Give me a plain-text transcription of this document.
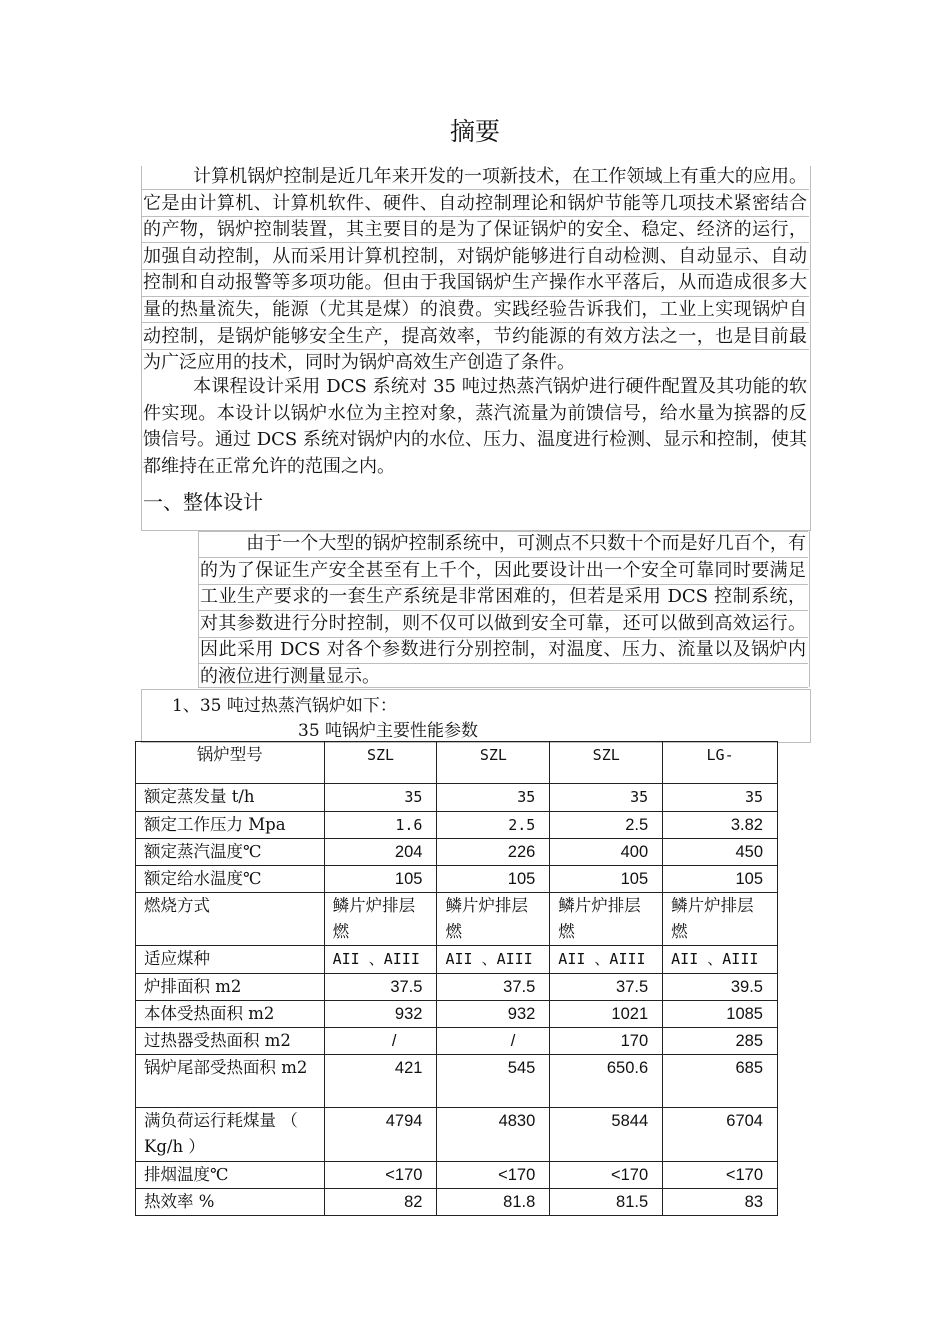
摘要
计算机锅炉控制是近几年来开发的一项新技术，在工作领域上有重大的应用。它是由计算机、计算机软件、硬件、自动控制理论和锅炉节能等几项技术紧密结合的产物，锅炉控制装置，其主要目的是为了保证锅炉的安全、稳定、经济的运行，加强自动控制，从而采用计算机控制，对锅炉能够进行自动检测、自动显示、自动控制和自动报警等多项功能。但由于我国锅炉生产操作水平落后，从而造成很多大量的热量流失，能源（尤其是煤）的浪费。实践经验告诉我们，工业上实现锅炉自动控制，是锅炉能够安全生产，提高效率，节约能源的有效方法之一，也是目前最为广泛应用的技术，同时为锅炉高效生产创造了条件。
本课程设计采用 DCS 系统对 35 吨过热蒸汽锅炉进行硬件配置及其功能的软件实现。本设计以锅炉水位为主控对象，蒸汽流量为前馈信号，给水量为摈器的反馈信号。通过 DCS 系统对锅炉内的水位、压力、温度进行检测、显示和控制，使其都维持在正常允许的范围之内。
一、整体设计
由于一个大型的锅炉控制系统中，可测点不只数十个而是好几百个，有的为了保证生产安全甚至有上千个，因此要设计出一个安全可靠同时要满足工业生产要求的一套生产系统是非常困难的，但若是采用 DCS 控制系统，对其参数进行分时控制，则不仅可以做到安全可靠，还可以做到高效运行。因此采用 DCS 对各个参数进行分别控制，对温度、压力、流量以及锅炉内的液位进行测量显示。
1、35 吨过热蒸汽锅炉如下：
35 吨锅炉主要性能参数
锅炉型号	SZL	SZL	SZL	LG-
额定蒸发量 t/h	35	35	35	35
额定工作压力 Mpa	1.6	2.5	2.5	3.82
额定蒸汽温度℃	204	226	400	450
额定给水温度℃	105	105	105	105
燃烧方式	鳞片炉排层燃	鳞片炉排层燃	鳞片炉排层燃	鳞片炉排层燃
适应煤种	AII 、AIII	AII 、AIII	AII 、AIII	AII 、AIII
炉排面积 m2	37.5	37.5	37.5	39.5
本体受热面积 m2	932	932	1021	1085
过热器受热面积 m2	/	/	170	285
锅炉尾部受热面积 m2	421	545	650.6	685
满负荷运行耗煤量 （ Kg/h ）	4794	4830	5844	6704
排烟温度℃	<170	<170	<170	<170
热效率 %	82	81.8	81.5	83
